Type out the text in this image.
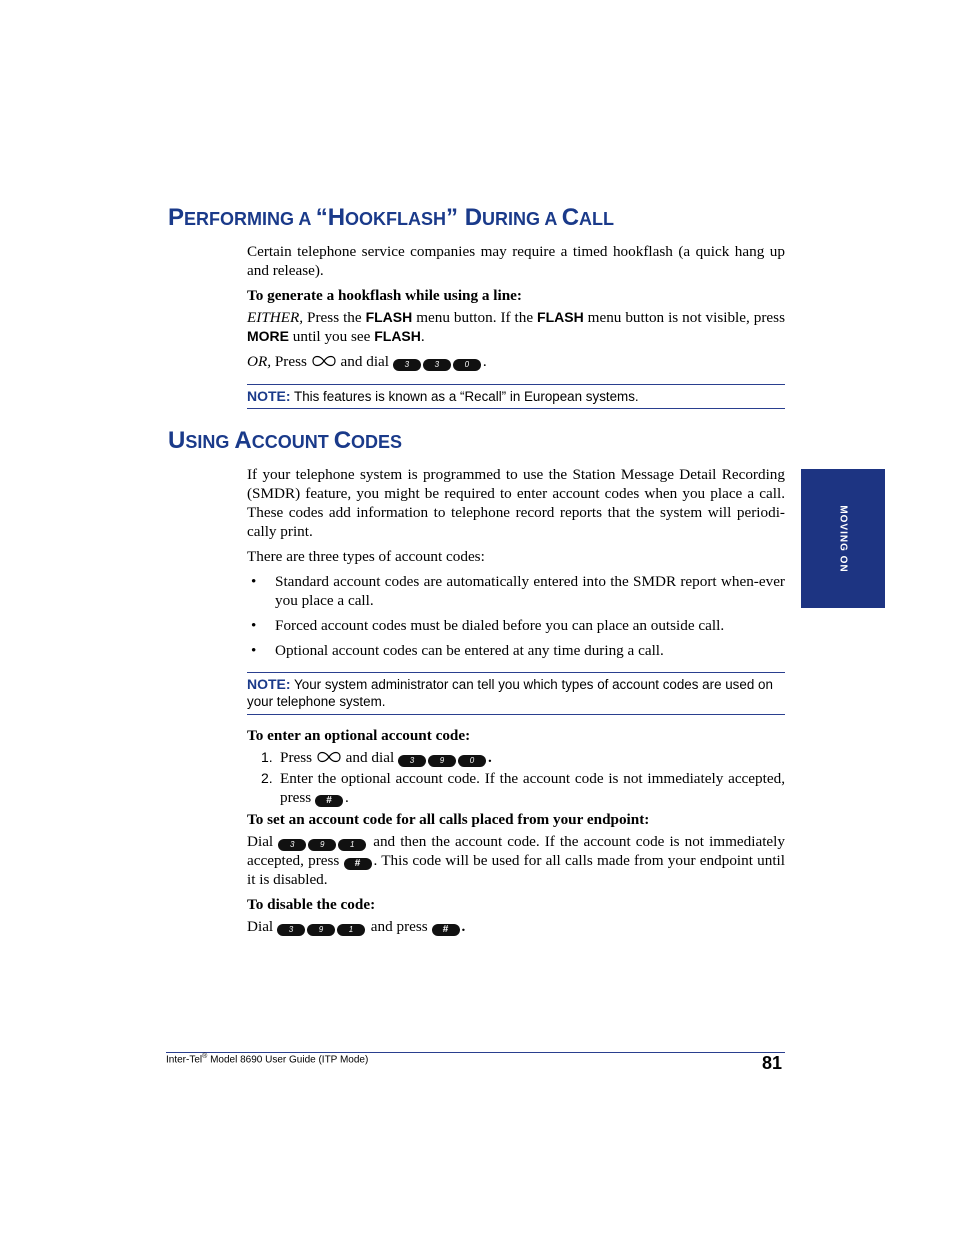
PERFORMING A “HOOKFLASH” DURING A CALL

Certain telephone service companies may require a timed hookflash (a quick hang up and release).

To generate a hookflash while using a line:

EITHER, Press the FLASH menu button. If the FLASH menu button is not visible, press MORE until you see FLASH.

OR, Press  and dial 3	3	0 .

NOTE: This features is known as a “Recall” in European systems.
USING ACCOUNT CODES

If your telephone system is programmed to use the Station Message Detail Recording (SMDR) feature, you might be required to enter account codes when you place a call. These codes add information to telephone record reports that the system will periodi-cally print.

There are three types of account codes:

• Standard account codes are automatically entered into the SMDR report when-ever you place a call.
• Forced account codes must be dialed before you can place an outside call.
• Optional account codes can be entered at any time during a call.
NOTE: Your system administrator can tell you which types of account codes are used on your telephone system.

To enter an optional account code:

1. Press  and dial 3	9	0 .
2. Enter the optional account code. If the account code is not immediately accepted, press # .

To set an account code for all calls placed from your endpoint:

Dial 3	9	1 and then the account code. If the account code is not immediately accepted, press # . This code will be used for all calls made from your endpoint until it is disabled.

To disable the code:

Dial 3	9	1 and press # .

MOVING ON
Inter-Tel® Model 8690 User Guide (ITP Mode)	81
